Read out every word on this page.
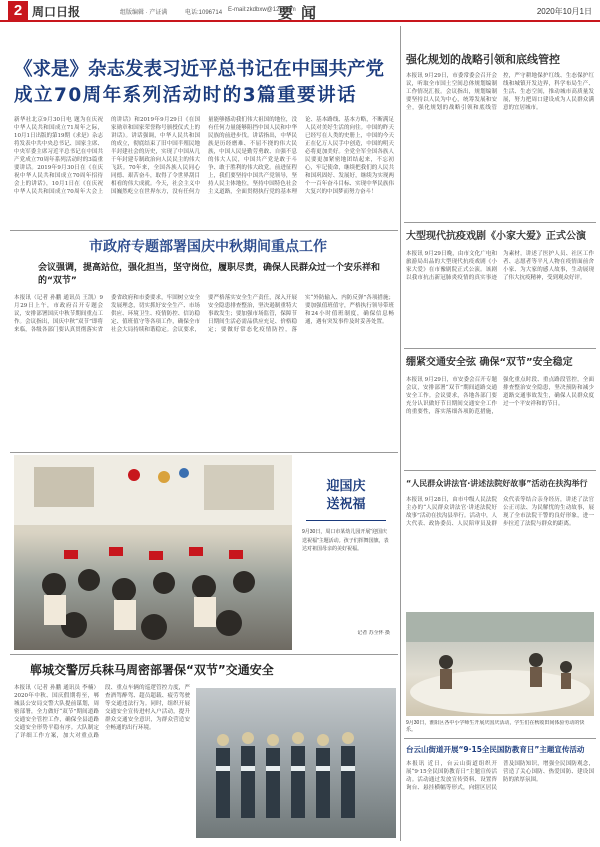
2 周口日报	组版编辑 · 产证满	电话:1096714 E-mail:zkdbxw@126.com
要闻	2020年10月1日
《求是》杂志发表习近平总书记在中国共产党
成立70周年系列活动时的3篇重要讲话
新华社北京9月30日电 题为在庆祝中华人民共和国成立71周年之际，10月1日出版的第19期《求是》杂志将发表中共中央总书记、国家主席、中央军委主席习近平总书记在中国共产党成立70周年系列活动时的3篇重要讲话。2019年9月30日在《在庆祝中华人民共和国成立70周年招待会上的讲话》，10月1日在《在庆祝中华人民共和国成立70周年大会上的讲话》和2019年9月29日《在国家勋章和国家荣誉称号颁授仪式上的讲话》。讲话强调，中华人民共和国的成立，彻底结束了旧中国半殖民地半封建社会的历史，实现了中国从几千年封建专制政治向人民民主的伟大飞跃。70年来，全国各族人民同心同德、艰苦奋斗，取得了令世界刮目相看的伟大成就。今天，社会主义中国巍然屹立在世界东方，没有任何力量能够撼动我们伟大祖国的地位，没有任何力量能够阻挡中国人民和中华民族的前进步伐。讲话指出，中华民族是历经磨难、不屈不挠的伟大民族，中国人民是勤劳勇敢、自强不息的伟大人民，中国共产党是敢于斗争、敢于胜利的伟大政党。前进征程上，我们要坚持中国共产党领导，坚持人民主体地位，坚持中国特色社会主义道路，全面贯彻执行党的基本理论、基本路线、基本方略，不断满足人民对美好生活的向往。中国的昨天已经写在人类的史册上，中国的今天正在亿万人民手中创造，中国的明天必将更加美好。全党全军全国各族人民要更加紧密地团结起来，不忘初心，牢记使命，继续把我们的人民共和国巩固好、发展好，继续为实现两个一百年奋斗目标、实现中华民族伟大复兴的中国梦而努力奋斗！
市政府专题部署国庆中秋期间重点工作
会议强调，提高站位，强化担当，坚守岗位，履职尽责，确保人民群众过一个安乐祥和的“双节”
本报讯（记者 孙鹏 通讯员 王凯）9月29日上午，市政府召开专题会议，安排部署国庆中秋节期间重点工作。会议指出，国庆中秋“双节”即将来临，各级各部门要认真贯彻落实省委省政府和市委要求，牢固树立安全发展理念，切实抓好安全生产、市场供应、环境卫生、疫情防控、信访稳定、值班值守等各项工作，确保全市社会大局持续和谐稳定。会议要求，要严格落实安全生产责任，深入开展安全隐患排查整治，坚决遏制重特大事故发生；要加强市场监管，保障节日期间生活必需品供应充足、价格稳定；要做好常态化疫情防控，落实“外防输入、内防反弹”各项措施；要加强值班值守，严格执行领导带班和24小时值班制度，确保信息畅通，遇有突发事件及时妥善处置。
迎国庆
送祝福
9月30日，周口市某幼儿园开展“迎国庆 送祝福”主题活动。孩子们挥舞国旗，表达对祖国母亲的美好祝福。
记者 苏全怀 摄
郸城交警厉兵秣马周密部署保“双节”交通安全
本报讯（记者 孙鹏 通讯员 李楠）2020年中秋、国庆假期将至，郸城县公安局交警大队提前谋划，周密部署，全力做好“双节”期间道路交通安全管控工作，确保全县道路交通安全形势平稳有序。大队制定了详细工作方案，加大对重点路段、重点车辆的巡逻管控力度，严查酒驾醉驾、超员超载、疲劳驾驶等交通违法行为。同时，组织开展交通安全宣传进村入户活动，提升群众交通安全意识，为群众营造安全畅通的出行环境。
强化规划的战略引领和底线管控
本报讯 9月29日，市委常委会召开会议，听取全市国土空间总体规划编制工作情况汇报。会议指出，规划编制要坚持以人民为中心，统筹发展和安全，强化规划的战略引领和底线管控，严守耕地保护红线、生态保护红线和城镇开发边界，科学布局生产、生活、生态空间，推动城市高质量发展，努力把周口建设成为人民群众满意的宜居城市。
大型现代抗疫戏剧《小家大爱》正式公演
本报讯 9月29日晚，由市文化广电和旅游局出品的大型现代抗疫戏剧《小家大爱》在市豫剧院正式公演。该剧以我市抗击新冠肺炎疫情的真实事迹为素材，讲述了医护人员、社区工作者、志愿者等平凡人物在疫情面前舍小家、为大家的感人故事，生动展现了伟大抗疫精神，受到观众好评。
绷紧交通安全弦 确保“双节”安全稳定
本报讯 9月29日，市安委会召开专题会议，安排部署“双节”期间道路交通安全工作。会议要求，各地各部门要充分认识做好节日期间交通安全工作的重要性，落实落细各项防范措施，强化重点时段、重点路段管控，全面排查整治安全隐患，坚决预防和减少道路交通事故发生，确保人民群众度过一个平安祥和的节日。
“人民群众讲法官·讲述法院好故事”活动在扶沟举行
本报讯 9月28日，由市中级人民法院主办的“人民群众讲法官·讲述法院好故事”活动在扶沟县举行。活动中，人大代表、政协委员、人民陪审员及群众代表等结合亲身经历，讲述了法官公正司法、为民解忧的生动故事，展现了全市法院干警的良好形象，进一步拉近了法院与群众的距离。
9月30日，淮阳区各中小学师生开展庆国庆活动，学生们在秋收田间体验劳动的快乐。
台云山街道开展“9·15全民国防教育日”主题宣传活动
本报讯 近日，台云山街道组织开展“9·15全民国防教育日”主题宣传活动。活动通过发放宣传资料、设置咨询台、悬挂横幅等形式，向辖区居民普及国防知识，增强全民国防观念，营造了关心国防、热爱国防、建设国防的浓厚氛围。
